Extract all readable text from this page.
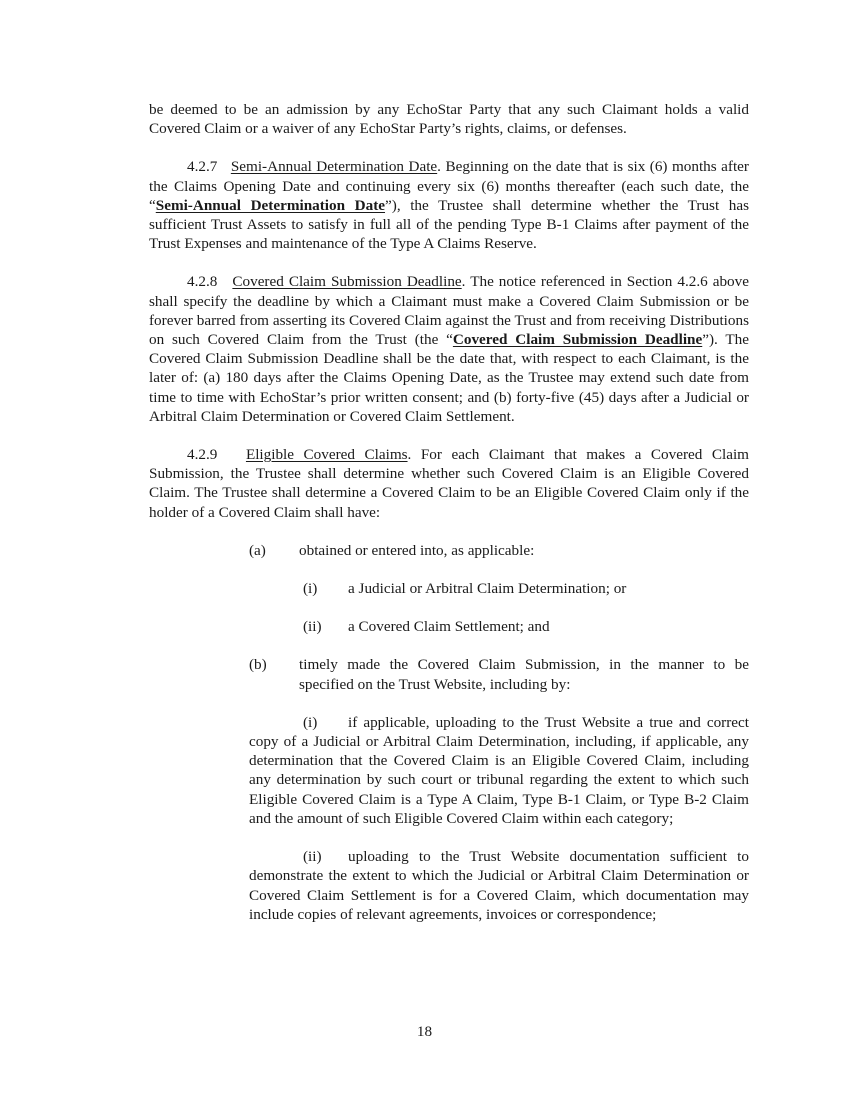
be deemed to be an admission by any EchoStar Party that any such Claimant holds a valid Covered Claim or a waiver of any EchoStar Party’s rights, claims, or defenses.

4.2.7 Semi-Annual Determination Date. Beginning on the date that is six (6) months after the Claims Opening Date and continuing every six (6) months thereafter (each such date, the “Semi-Annual Determination Date”), the Trustee shall determine whether the Trust has sufficient Trust Assets to satisfy in full all of the pending Type B-1 Claims after payment of the Trust Expenses and maintenance of the Type A Claims Reserve.

4.2.8 Covered Claim Submission Deadline. The notice referenced in Section 4.2.6 above shall specify the deadline by which a Claimant must make a Covered Claim Submission or be forever barred from asserting its Covered Claim against the Trust and from receiving Distributions on such Covered Claim from the Trust (the “Covered Claim Submission Deadline”). The Covered Claim Submission Deadline shall be the date that, with respect to each Claimant, is the later of: (a) 180 days after the Claims Opening Date, as the Trustee may extend such date from time to time with EchoStar’s prior written consent; and (b) forty-five (45) days after a Judicial or Arbitral Claim Determination or Covered Claim Settlement.

4.2.9 Eligible Covered Claims. For each Claimant that makes a Covered Claim Submission, the Trustee shall determine whether such Covered Claim is an Eligible Covered Claim. The Trustee shall determine a Covered Claim to be an Eligible Covered Claim only if the holder of a Covered Claim shall have:

(a)	obtained or entered into, as applicable:
(i)	a Judicial or Arbitral Claim Determination; or
(ii)	a Covered Claim Settlement; and
(b)	timely made the Covered Claim Submission, in the manner to be specified on the Trust Website, including by:

(i) if applicable, uploading to the Trust Website a true and correct copy of a Judicial or Arbitral Claim Determination, including, if applicable, any determination that the Covered Claim is an Eligible Covered Claim, including any determination by such court or tribunal regarding the extent to which such Eligible Covered Claim is a Type A Claim, Type B-1 Claim, or Type B-2 Claim and the amount of such Eligible Covered Claim within each category;

(ii) uploading to the Trust Website documentation sufficient to demonstrate the extent to which the Judicial or Arbitral Claim Determination or Covered Claim Settlement is for a Covered Claim, which documentation may include copies of relevant agreements, invoices or correspondence;

18
